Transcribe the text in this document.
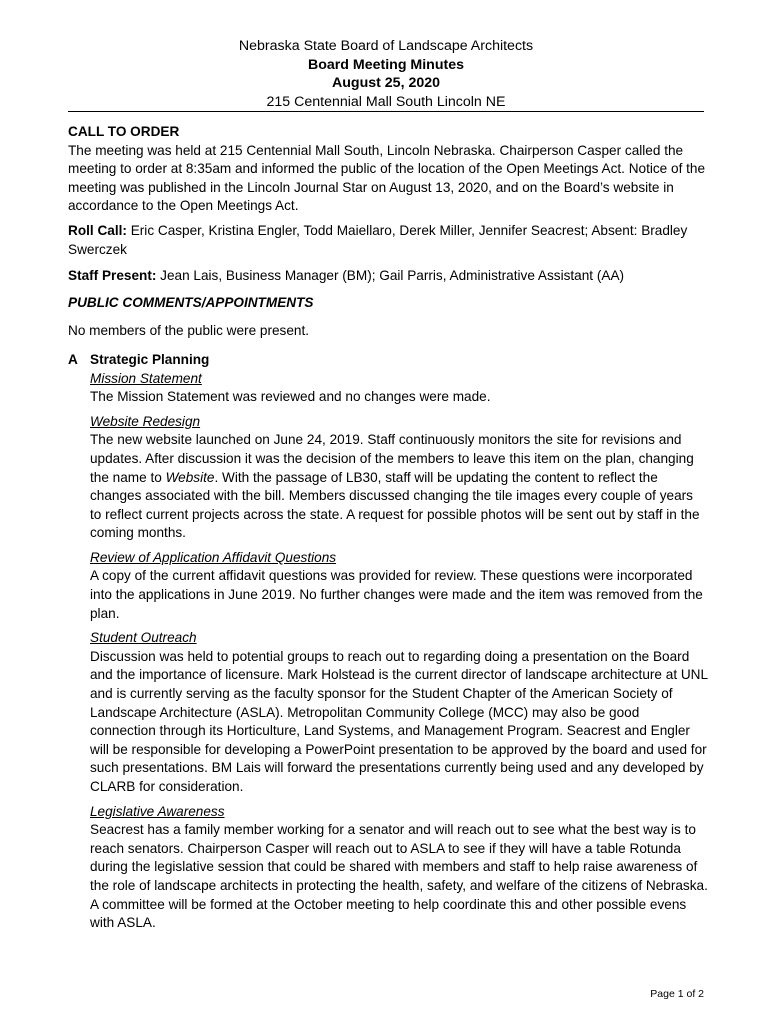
Nebraska State Board of Landscape Architects
Board Meeting Minutes
August 25, 2020
215 Centennial Mall South Lincoln NE

CALL TO ORDER

The meeting was held at 215 Centennial Mall South, Lincoln Nebraska. Chairperson Casper called the meeting to order at 8:35am and informed the public of the location of the Open Meetings Act. Notice of the meeting was published in the Lincoln Journal Star on August 13, 2020, and on the Board’s website in accordance to the Open Meetings Act.

Roll Call: Eric Casper, Kristina Engler, Todd Maiellaro, Derek Miller, Jennifer Seacrest; Absent: Bradley Swerczek

Staff Present: Jean Lais, Business Manager (BM); Gail Parris, Administrative Assistant (AA)

PUBLIC COMMENTS/APPOINTMENTS

No members of the public were present.

A Strategic Planning
Mission Statement
The Mission Statement was reviewed and no changes were made.
Website Redesign
The new website launched on June 24, 2019. Staff continuously monitors the site for revisions and updates. After discussion it was the decision of the members to leave this item on the plan, changing the name to Website. With the passage of LB30, staff will be updating the content to reflect the changes associated with the bill. Members discussed changing the tile images every couple of years to reflect current projects across the state. A request for possible photos will be sent out by staff in the coming months.
Review of Application Affidavit Questions
A copy of the current affidavit questions was provided for review. These questions were incorporated into the applications in June 2019. No further changes were made and the item was removed from the plan.
Student Outreach
Discussion was held to potential groups to reach out to regarding doing a presentation on the Board and the importance of licensure. Mark Holstead is the current director of landscape architecture at UNL and is currently serving as the faculty sponsor for the Student Chapter of the American Society of Landscape Architecture (ASLA). Metropolitan Community College (MCC) may also be good connection through its Horticulture, Land Systems, and Management Program. Seacrest and Engler will be responsible for developing a PowerPoint presentation to be approved by the board and used for such presentations. BM Lais will forward the presentations currently being used and any developed by CLARB for consideration.
Legislative Awareness
Seacrest has a family member working for a senator and will reach out to see what the best way is to reach senators. Chairperson Casper will reach out to ASLA to see if they will have a table Rotunda during the legislative session that could be shared with members and staff to help raise awareness of the role of landscape architects in protecting the health, safety, and welfare of the citizens of Nebraska. A committee will be formed at the October meeting to help coordinate this and other possible evens with ASLA.
Page 1 of 2
